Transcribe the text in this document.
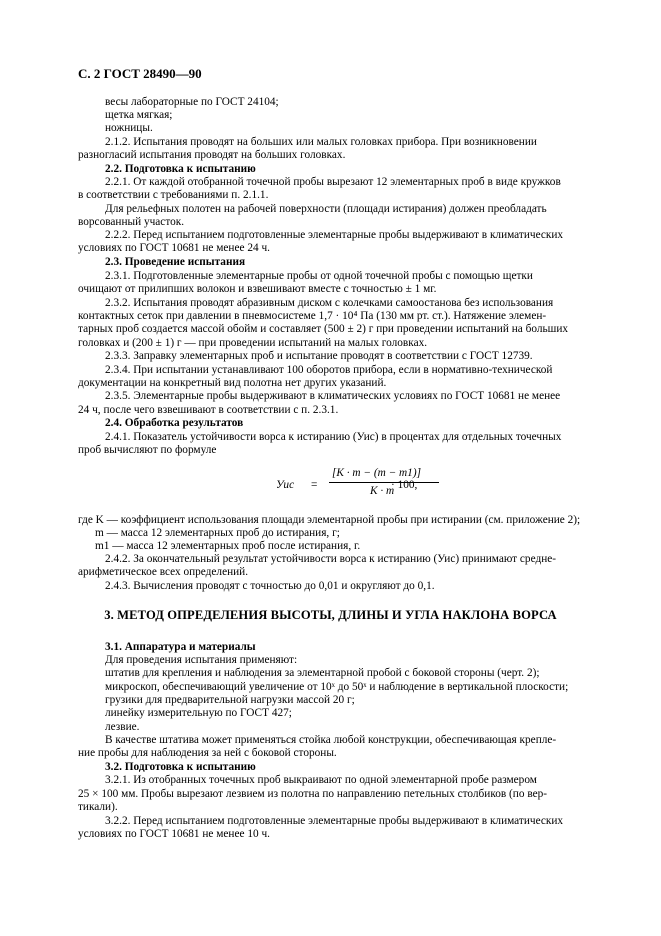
С. 2 ГОСТ 28490—90
весы лабораторные по ГОСТ 24104;
щетка мягкая;
ножницы.
2.1.2. Испытания проводят на больших или малых головках прибора. При возникновении
разногласий испытания проводят на больших головках.
2.2. Подготовка к испытанию
2.2.1. От каждой отобранной точечной пробы вырезают 12 элементарных проб в виде кружков
в соответствии с требованиями п. 2.1.1.
Для рельефных полотен на рабочей поверхности (площади истирания) должен преобладать
ворсованный участок.
2.2.2. Перед испытанием подготовленные элементарные пробы выдерживают в климатических
условиях по ГОСТ 10681 не менее 24 ч.
2.3. Проведение испытания
2.3.1. Подготовленные элементарные пробы от одной точечной пробы с помощью щетки
очищают от прилипших волокон и взвешивают вместе с точностью ± 1 мг.
2.3.2. Испытания проводят абразивным диском с колечками самоостанова без использования
контактных сеток при давлении в пневмосистеме 1,7 · 10⁴ Па (130 мм рт. ст.). Натяжение элемен-
тарных проб создается массой обойм и составляет (500 ± 2) г при проведении испытаний на больших
головках и (200 ± 1) г — при проведении испытаний на малых головках.
2.3.3. Заправку элементарных проб и испытание проводят в соответствии с ГОСТ 12739.
2.3.4. При испытании устанавливают 100 оборотов прибора, если в нормативно-технической
документации на конкретный вид полотна нет других указаний.
2.3.5. Элементарные пробы выдерживают в климатических условиях по ГОСТ 10681 не менее
24 ч, после чего взвешивают в соответствии с п. 2.3.1.
2.4. Обработка результатов
2.4.1. Показатель устойчивости ворса к истиранию (Уис) в процентах для отдельных точечных
проб вычисляют по формуле
где K — коэффициент использования площади элементарной пробы при истирании (см. приложение 2);
m — масса 12 элементарных проб до истирания, г;
m1 — масса 12 элементарных проб после истирания, г.
2.4.2. За окончательный результат устойчивости ворса к истиранию (Уис) принимают средне-
арифметическое всех определений.
2.4.3. Вычисления проводят с точностью до 0,01 и округляют до 0,1.
3.1. Аппаратура и материалы
Для проведения испытания применяют:
штатив для крепления и наблюдения за элементарной пробой с боковой стороны (черт. 2);
микроскоп, обеспечивающий увеличение от 10ˣ до 50ˣ и наблюдение в вертикальной плоскости;
грузики для предварительной нагрузки массой 20 г;
линейку измерительную по ГОСТ 427;
лезвие.
В качестве штатива может применяться стойка любой конструкции, обеспечивающая крепле-
ние пробы для наблюдения за ней с боковой стороны.
3.2. Подготовка к испытанию
3.2.1. Из отобранных точечных проб выкраивают по одной элементарной пробе размером
25 × 100 мм. Пробы вырезают лезвием из полотна по направлению петельных столбиков (по вер-
тикали).
3.2.2. Перед испытанием подготовленные элементарные пробы выдерживают в климатических
условиях по ГОСТ 10681 не менее 10 ч.
Уис =
[K · m − (m − m1)]
K · m
· 100,
3. МЕТОД ОПРЕДЕЛЕНИЯ ВЫСОТЫ, ДЛИНЫ И УГЛА НАКЛОНА ВОРСА
